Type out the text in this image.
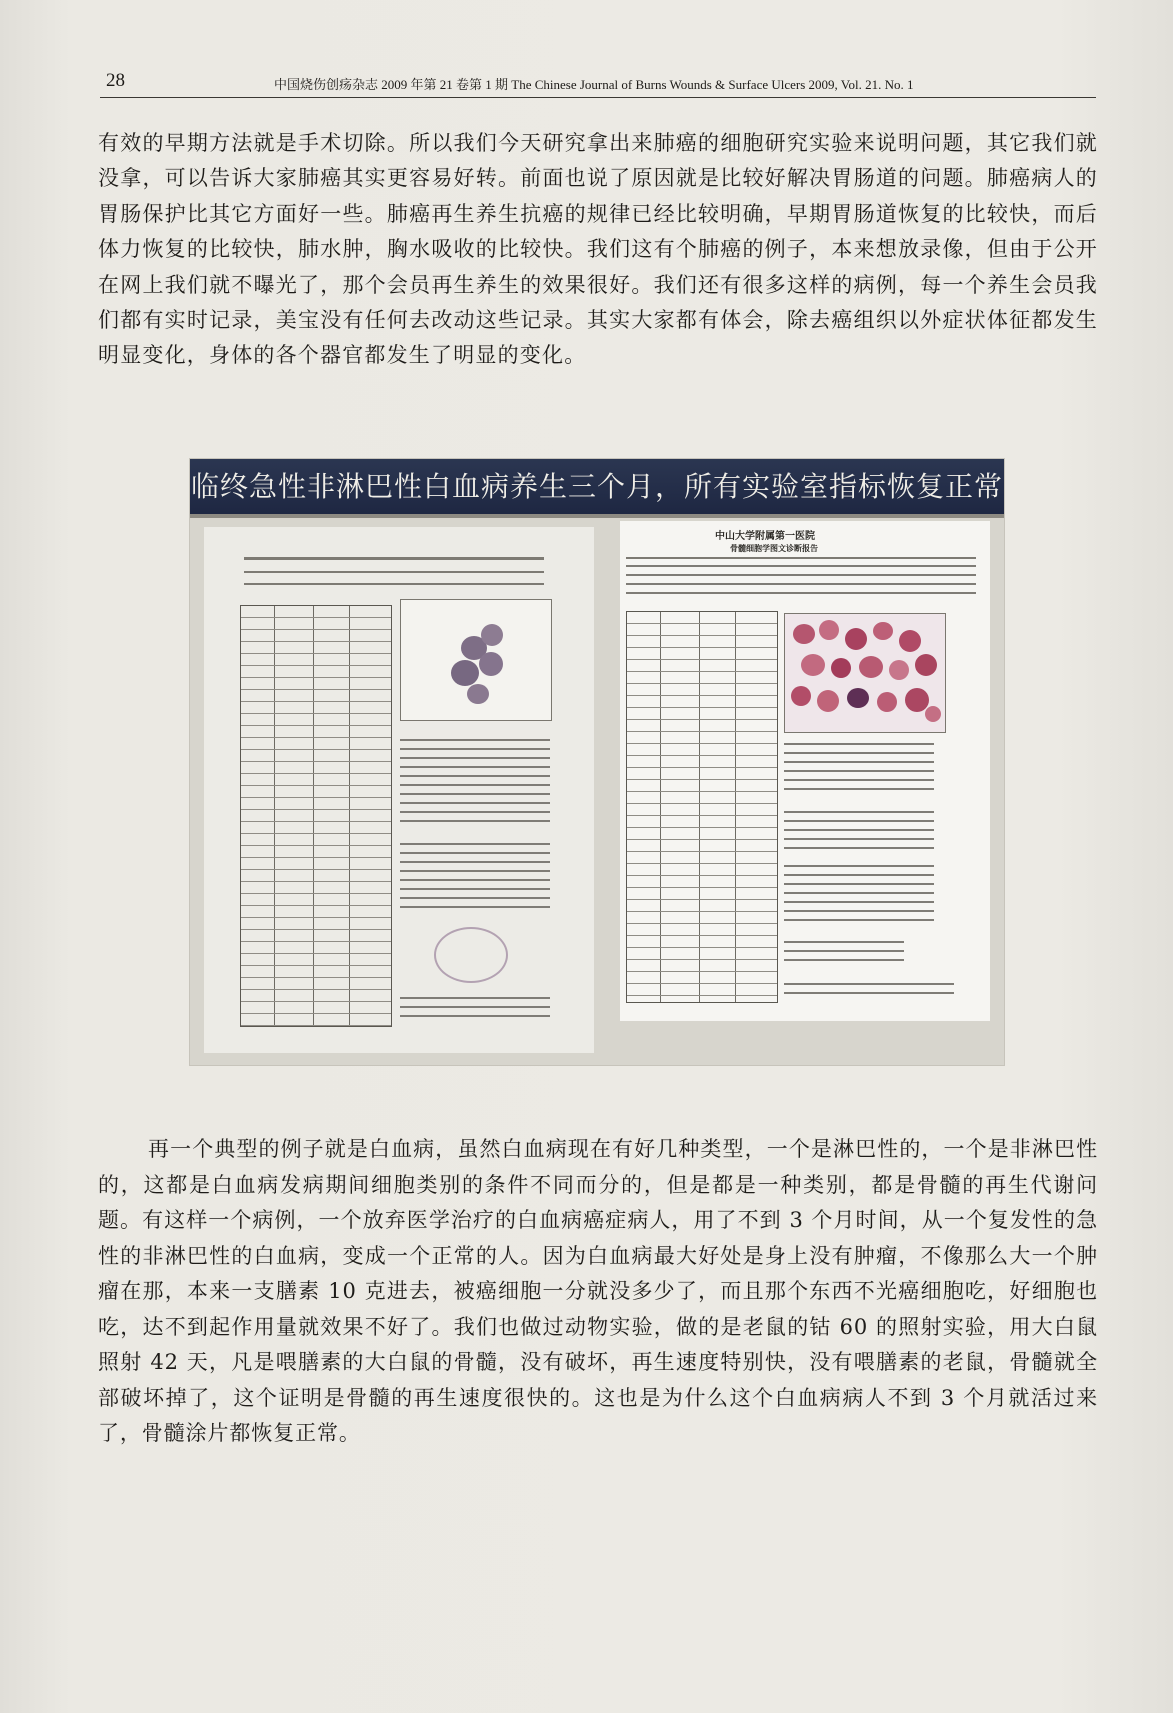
28	中国烧伤创疡杂志 2009 年第 21 卷第 1 期 The Chinese Journal of Burns Wounds & Surface Ulcers 2009, Vol. 21. No. 1

有效的早期方法就是手术切除。所以我们今天研究拿出来肺癌的细胞研究实验来说明问题，其它我们就没拿，可以告诉大家肺癌其实更容易好转。前面也说了原因就是比较好解决胃肠道的问题。肺癌病人的胃肠保护比其它方面好一些。肺癌再生养生抗癌的规律已经比较明确，早期胃肠道恢复的比较快，而后体力恢复的比较快，肺水肿，胸水吸收的比较快。我们这有个肺癌的例子，本来想放录像，但由于公开在网上我们就不曝光了，那个会员再生养生的效果很好。我们还有很多这样的病例，每一个养生会员我们都有实时记录，美宝没有任何去改动这些记录。其实大家都有体会，除去癌组织以外症状体征都发生明显变化，身体的各个器官都发生了明显的变化。

临终急性非淋巴性白血病养生三个月，所有实验室指标恢复正常
中山大学附属第一医院
骨髓细胞学图文诊断报告

再一个典型的例子就是白血病，虽然白血病现在有好几种类型，一个是淋巴性的，一个是非淋巴性的，这都是白血病发病期间细胞类别的条件不同而分的，但是都是一种类别，都是骨髓的再生代谢问题。有这样一个病例，一个放弃医学治疗的白血病癌症病人，用了不到 3 个月时间，从一个复发性的急性的非淋巴性的白血病，变成一个正常的人。因为白血病最大好处是身上没有肿瘤，不像那么大一个肿瘤在那，本来一支膳素 10 克进去，被癌细胞一分就没多少了，而且那个东西不光癌细胞吃，好细胞也吃，达不到起作用量就效果不好了。我们也做过动物实验，做的是老鼠的钴 60 的照射实验，用大白鼠照射 42 天，凡是喂膳素的大白鼠的骨髓，没有破坏，再生速度特别快，没有喂膳素的老鼠，骨髓就全部破坏掉了，这个证明是骨髓的再生速度很快的。这也是为什么这个白血病病人不到 3 个月就活过来了，骨髓涂片都恢复正常。
